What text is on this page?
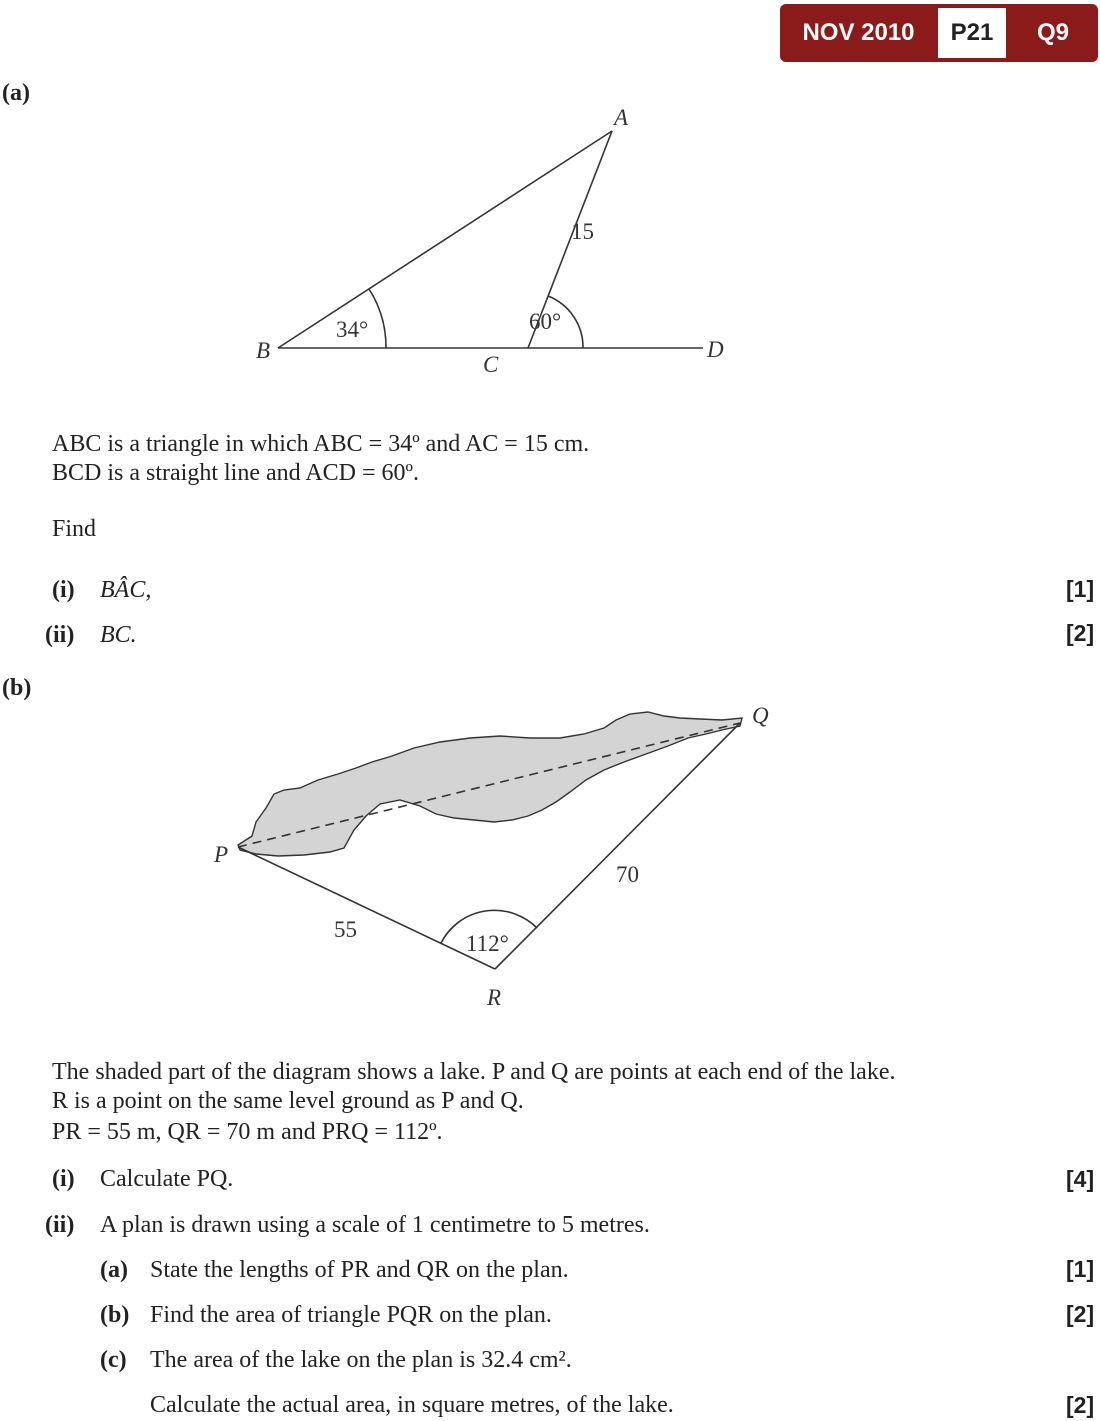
NOV 2010	P21	Q9
(a)
A
B
C
D
15
34°	60°
ABC is a triangle in which ABC = 34º and AC = 15 cm.
BCD is a straight line and ACD = 60º.
Find
(i) BÂC,	[1]
(ii) BC.	[2]
(b)
P
Q
R
55
70
112°
The shaded part of the diagram shows a lake. P and Q are points at each end of the lake.
R is a point on the same level ground as P and Q.
PR = 55 m, QR = 70 m and PRQ = 112º.
(i) Calculate PQ.	[4]
(ii) A plan is drawn using a scale of 1 centimetre to 5 metres.
(a) State the lengths of PR and QR on the plan.	[1]
(b) Find the area of triangle PQR on the plan.	[2]
(c) The area of the lake on the plan is 32.4 cm².
Calculate the actual area, in square metres, of the lake.	[2]
